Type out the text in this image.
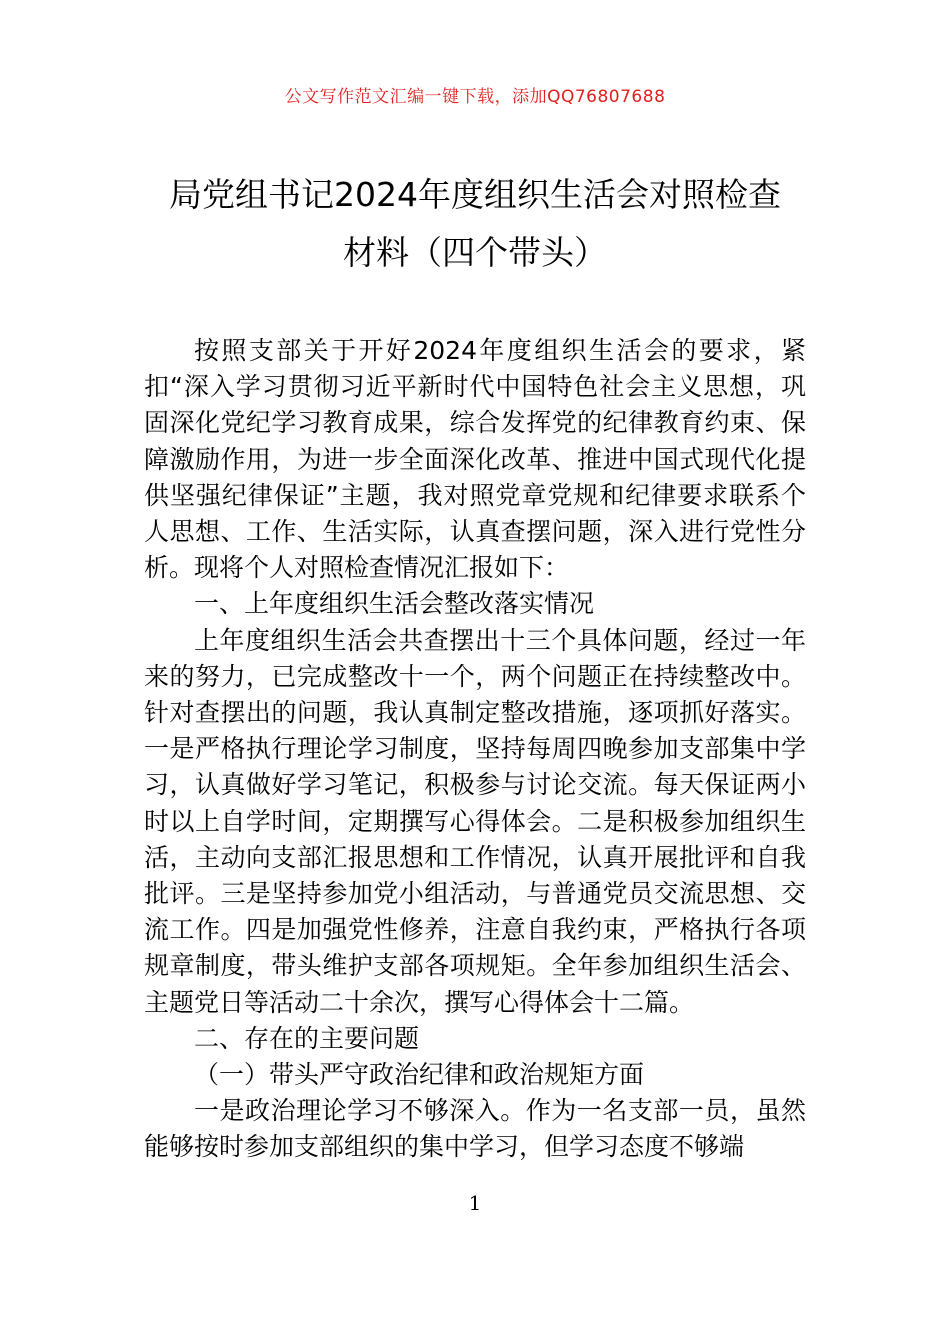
公文写作范文汇编一键下载，添加QQ76807688
局党组书记2024年度组织生活会对照检查
材料（四个带头）

按照支部关于开好2024年度组织生活会的要求，紧扣“深入学习贯彻习近平新时代中国特色社会主义思想，巩固深化党纪学习教育成果，综合发挥党的纪律教育约束、保障激励作用，为进一步全面深化改革、推进中国式现代化提供坚强纪律保证”主题，我对照党章党规和纪律要求联系个人思想、工作、生活实际，认真查摆问题，深入进行党性分析。现将个人对照检查情况汇报如下：

一、上年度组织生活会整改落实情况

上年度组织生活会共查摆出十三个具体问题，经过一年来的努力，已完成整改十一个，两个问题正在持续整改中。针对查摆出的问题，我认真制定整改措施，逐项抓好落实。一是严格执行理论学习制度，坚持每周四晚参加支部集中学习，认真做好学习笔记，积极参与讨论交流。每天保证两小时以上自学时间，定期撰写心得体会。二是积极参加组织生活，主动向支部汇报思想和工作情况，认真开展批评和自我批评。三是坚持参加党小组活动，与普通党员交流思想、交流工作。四是加强党性修养，注意自我约束，严格执行各项规章制度，带头维护支部各项规矩。全年参加组织生活会、主题党日等活动二十余次，撰写心得体会十二篇。

二、存在的主要问题

（一）带头严守政治纪律和政治规矩方面

一是政治理论学习不够深入。作为一名支部一员，虽然能够按时参加支部组织的集中学习，但学习态度不够端

1
